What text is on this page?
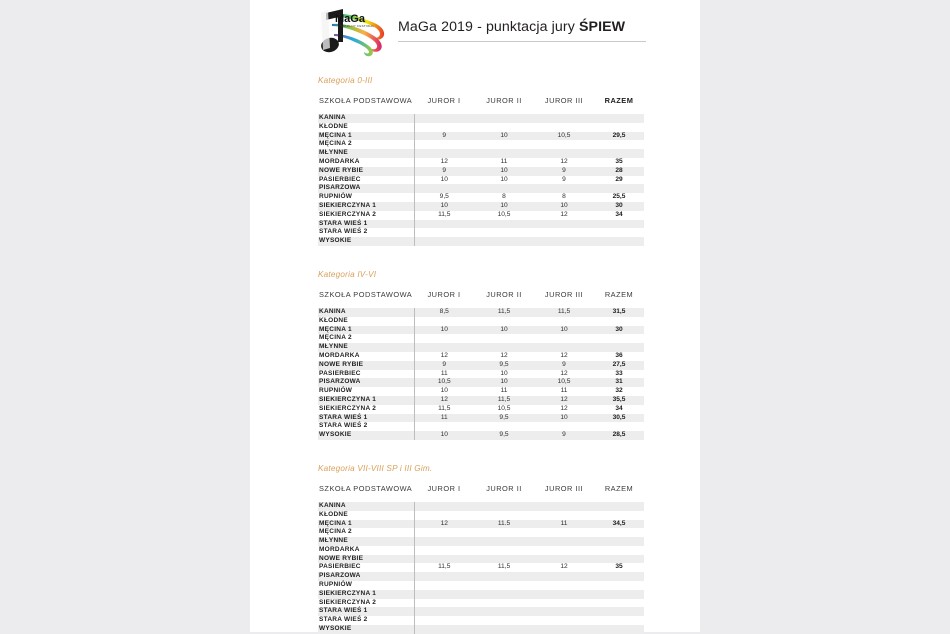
MaGa
SZKOLNY FESTIWAL MaGa 2019 - punktacja jury ŚPIEW
Kategoria 0-III
SZKOŁA PODSTAWOWA	JUROR I	JUROR II	JUROR III	RAZEM
KANINA				
KŁODNE				
MĘCINA 1	9	10	10,5	29,5
MĘCINA 2				
MŁYNNE				
MORDARKA	12	11	12	35
NOWE RYBIE	9	10	9	28
PASIERBIEC	10	10	9	29
PISARZOWA				
RUPNIÓW	9,5	8	8	25,5
SIEKIERCZYNA 1	10	10	10	30
SIEKIERCZYNA 2	11,5	10,5	12	34
STARA WIEŚ 1				
STARA WIEŚ 2				
WYSOKIE				
Kategoria IV-VI
SZKOŁA PODSTAWOWA	JUROR I	JUROR II	JUROR III	RAZEM
KANINA	8,5	11,5	11,5	31,5
KŁODNE				
MĘCINA 1	10	10	10	30
MĘCINA 2				
MŁYNNE				
MORDARKA	12	12	12	36
NOWE RYBIE	9	9,5	9	27,5
PASIERBIEC	11	10	12	33
PISARZOWA	10,5	10	10,5	31
RUPNIÓW	10	11	11	32
SIEKIERCZYNA 1	12	11,5	12	35,5
SIEKIERCZYNA 2	11,5	10,5	12	34
STARA WIEŚ 1	11	9,5	10	30,5
STARA WIEŚ 2				
WYSOKIE	10	9,5	9	28,5
Kategoria VII-VIII SP i III Gim.
SZKOŁA PODSTAWOWA	JUROR I	JUROR II	JUROR III	RAZEM
KANINA				
KŁODNE				
MĘCINA 1	12	11.5	11	34,5
MĘCINA 2				
MŁYNNE				
MORDARKA				
NOWE RYBIE				
PASIERBIEC	11,5	11,5	12	35
PISARZOWA				
RUPNIÓW				
SIEKIERCZYNA 1				
SIEKIERCZYNA 2				
STARA WIEŚ 1				
STARA WIEŚ 2				
WYSOKIE				
